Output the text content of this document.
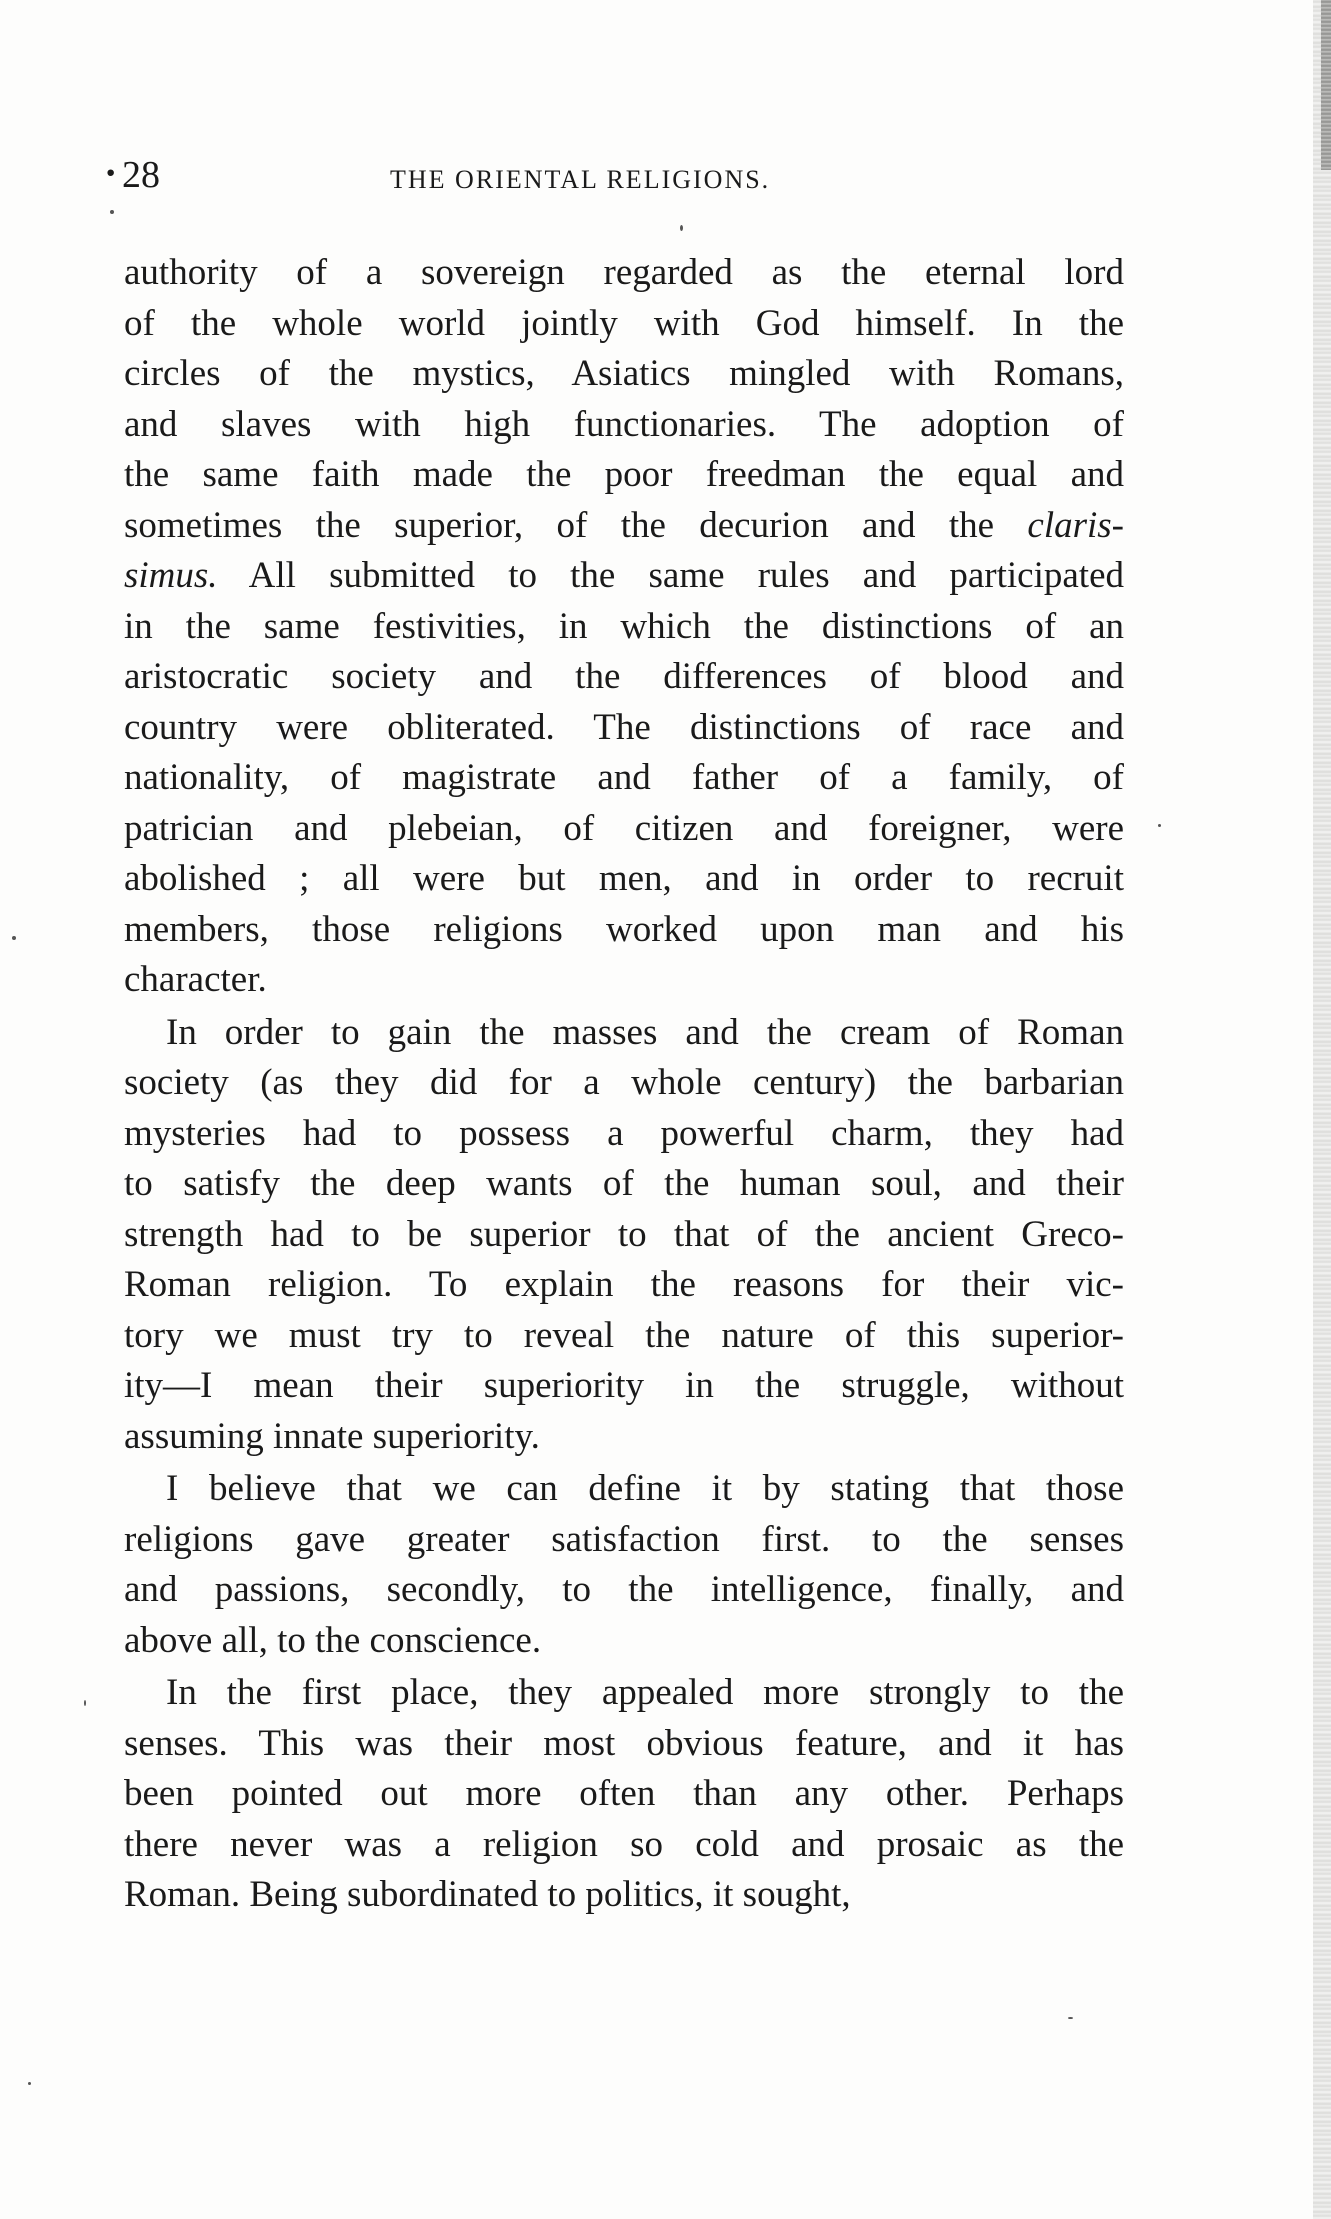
· 28	THE ORIENTAL RELIGIONS.
authority of a sovereign regarded as the eternal lord
of the whole world jointly with God himself. In the
circles of the mystics, Asiatics mingled with Romans,
and slaves with high functionaries. The adoption of
the same faith made the poor freedman the equal and
sometimes the superior, of the decurion and the claris-
simus. All submitted to the same rules and participated
in the same festivities, in which the distinctions of an
aristocratic society and the differences of blood and
country were obliterated. The distinctions of race and
nationality, of magistrate and father of a family, of
patrician and plebeian, of citizen and foreigner, were
abolished ; all were but men, and in order to recruit
members, those religions worked upon man and his
character.
In order to gain the masses and the cream of Roman
society (as they did for a whole century) the barbarian
mysteries had to possess a powerful charm, they had
to satisfy the deep wants of the human soul, and their
strength had to be superior to that of the ancient Greco-
Roman religion. To explain the reasons for their vic-
tory we must try to reveal the nature of this superior-
ity—I mean their superiority in the struggle, without
assuming innate superiority.
I believe that we can define it by stating that those
religions gave greater satisfaction first. to the senses
and passions, secondly, to the intelligence, finally, and
above all, to the conscience.
In the first place, they appealed more strongly to the
senses. This was their most obvious feature, and it has
been pointed out more often than any other. Perhaps
there never was a religion so cold and prosaic as the
Roman. Being subordinated to politics, it sought,
